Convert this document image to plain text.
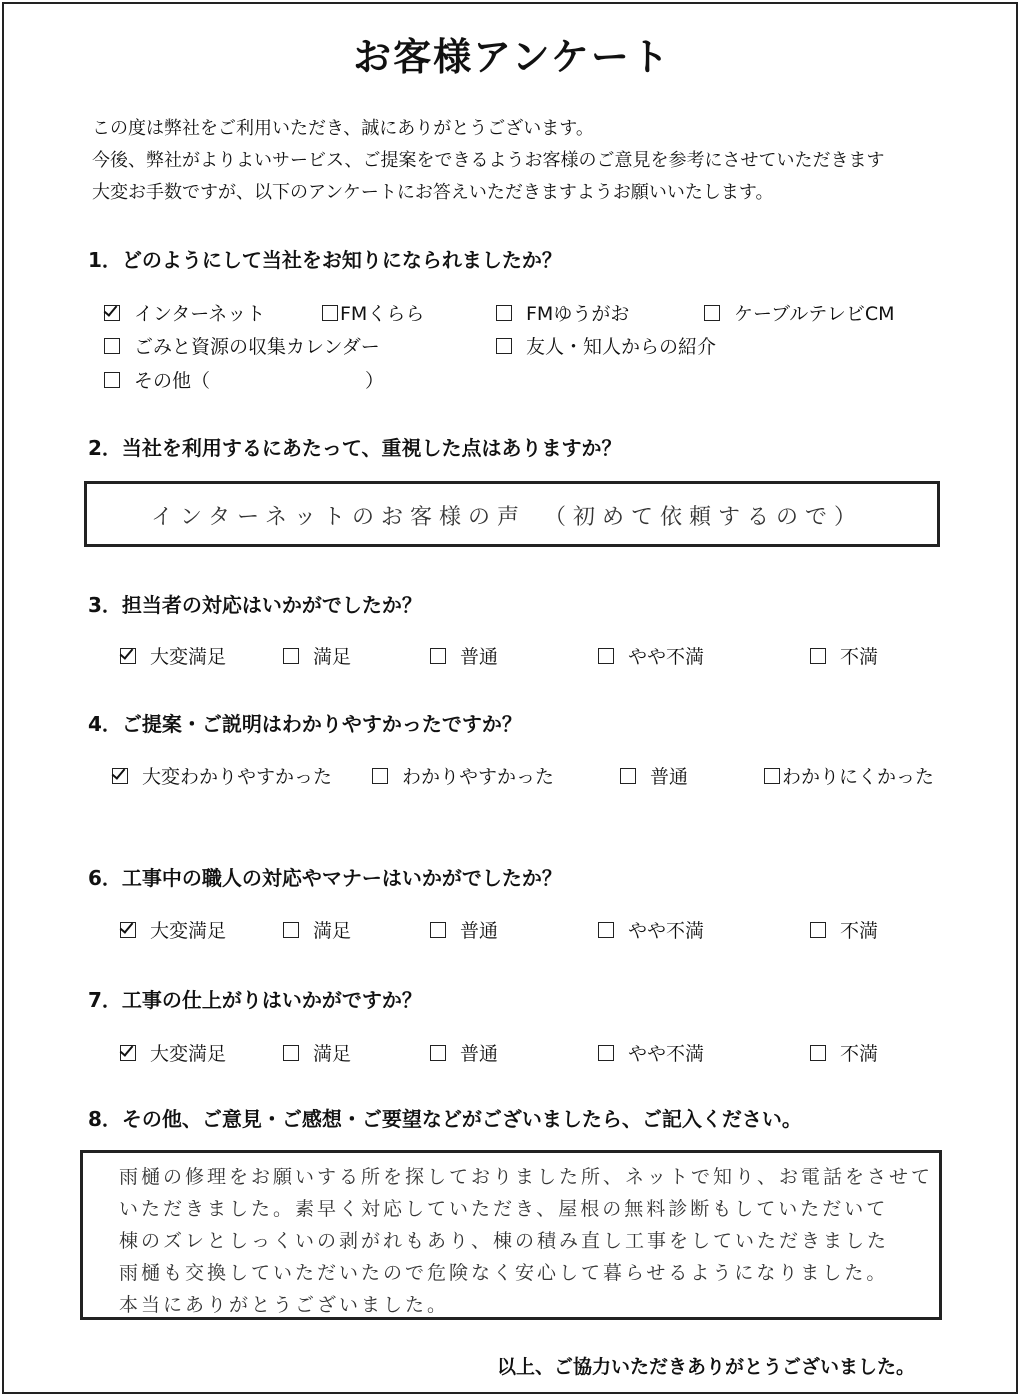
お客様アンケート
この度は弊社をご利用いただき、誠にありがとうございます。
今後、弊社がよりよいサービス、ご提案をできるようお客様のご意見を参考にさせていただきます
大変お手数ですが、以下のアンケートにお答えいただきますようお願いいたします。
1．どのようにして当社をお知りになられましたか？
インターネット	FMくらら	FMゆうがお	ケーブルテレビCM
ごみと資源の収集カレンダー	友人・知人からの紹介
その他（	）
2．当社を利用するにあたって、重視した点はありますか？
インターネットのお客様の声　（初めて依頼するので）
3．担当者の対応はいかがでしたか？
大変満足	満足	普通	やや不満	不満
4．ご提案・ご説明はわかりやすかったですか？
大変わかりやすかった	わかりやすかった	普通	わかりにくかった
6．工事中の職人の対応やマナーはいかがでしたか？
大変満足	満足	普通	やや不満	不満
7．工事の仕上がりはいかがですか？
大変満足	満足	普通	やや不満	不満
8．その他、ご意見・ご感想・ご要望などがございましたら、ご記入ください。
雨樋の修理をお願いする所を探しておりました所、ネットで知り、お電話をさせて
いただきました。素早く対応していただき、屋根の無料診断もしていただいて
棟のズレとしっくいの剥がれもあり、棟の積み直し工事をしていただきました
雨樋も交換していただいたので危険なく安心して暮らせるようになりました。
本当にありがとうございました。
以上、ご協力いただきありがとうございました。
